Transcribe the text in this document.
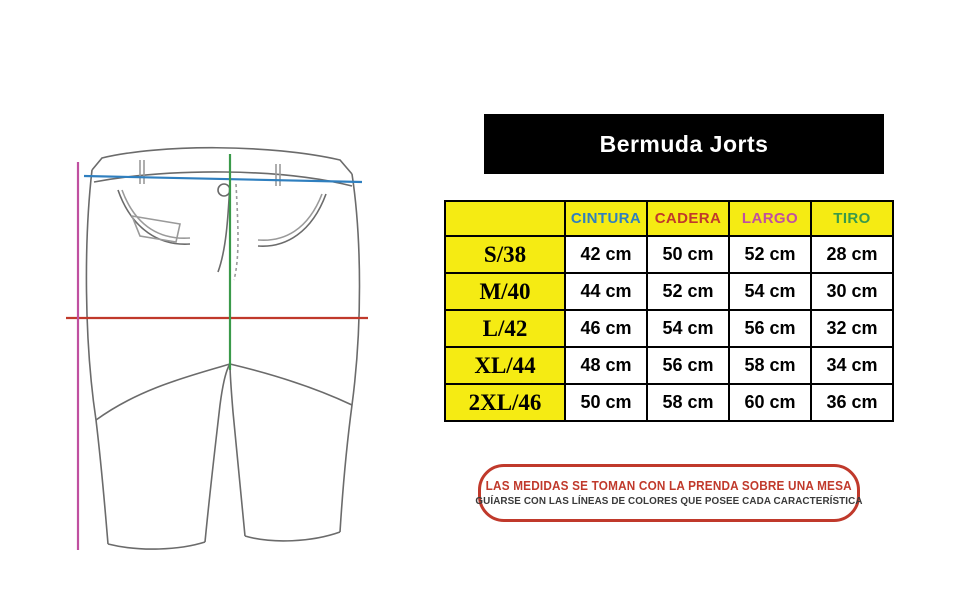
Bermuda Jorts
	CINTURA	CADERA	LARGO	TIRO
S/38	42 cm	50 cm	52 cm	28 cm
M/40	44 cm	52 cm	54 cm	30 cm
L/42	46 cm	54 cm	56 cm	32 cm
XL/44	48 cm	56 cm	58 cm	34 cm
2XL/46	50 cm	58 cm	60 cm	36 cm
LAS MEDIDAS SE TOMAN CON LA PRENDA SOBRE UNA MESA
GUÍARSE CON LAS LÍNEAS DE COLORES QUE POSEE CADA CARACTERÍSTICA
